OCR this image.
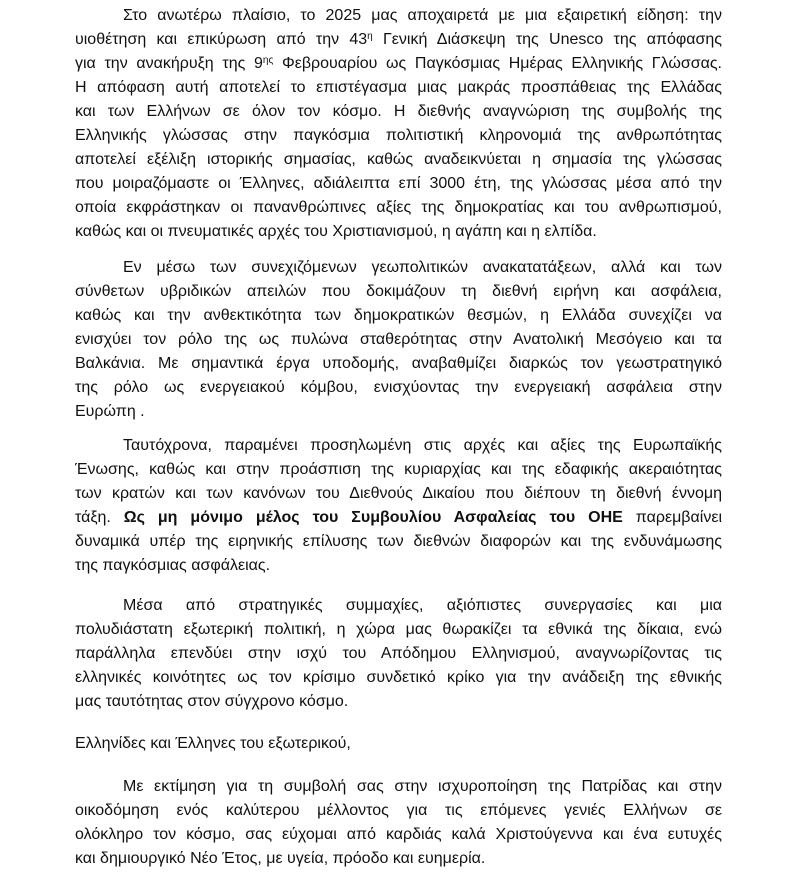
Στο ανωτέρω πλαίσιο, το 2025 μας αποχαιρετά με μια εξαιρετική είδηση: την
υιοθέτηση και επικύρωση από την $43^\eta$ Γενική Διάσκεψη της Unesco της απόφασης
για την ανακήρυξη της $9^{\eta\varsigma}$ Φεβρουαρίου ως Παγκόσμιας Ημέρας Ελληνικής Γλώσσας.
Η απόφαση αυτή αποτελεί το επιστέγασμα μιας μακράς προσπάθειας της Ελλάδας
και των Ελλήνων σε όλον τον κόσμο. Η διεθνής αναγνώριση της συμβολής της
Ελληνικής γλώσσας στην παγκόσμια πολιτιστική κληρονομιά της ανθρωπότητας
αποτελεί εξέλιξη ιστορικής σημασίας, καθώς αναδεικνύεται η σημασία της γλώσσας
που μοιραζόμαστε οι Έλληνες, αδιάλειπτα επί 3000 έτη, της γλώσσας μέσα από την
οποία εκφράστηκαν οι πανανθρώπινες αξίες της δημοκρατίας και του ανθρωπισμού,
καθώς και οι πνευματικές αρχές του Χριστιανισμού, η αγάπη και η ελπίδα.
Εν μέσω των συνεχιζόμενων γεωπολιτικών ανακατατάξεων, αλλά και των
σύνθετων υβριδικών απειλών που δοκιμάζουν τη διεθνή ειρήνη και ασφάλεια,
καθώς και την ανθεκτικότητα των δημοκρατικών θεσμών, η Ελλάδα συνεχίζει να
ενισχύει τον ρόλο της ως πυλώνα σταθερότητας στην Ανατολική Μεσόγειο και τα
Βαλκάνια. Με σημαντικά έργα υποδομής, αναβαθμίζει διαρκώς τον γεωστρατηγικό
της ρόλο ως ενεργειακού κόμβου, ενισχύοντας την ενεργειακή ασφάλεια στην
Ευρώπη .
Ταυτόχρονα, παραμένει προσηλωμένη στις αρχές και αξίες της Ευρωπαϊκής
Ένωσης, καθώς και στην προάσπιση της κυριαρχίας και της εδαφικής ακεραιότητας
των κρατών και των κανόνων του Διεθνούς Δικαίου που διέπουν τη διεθνή έννομη
τάξη. Ως μη μόνιμο μέλος του Συμβουλίου Ασφαλείας του ΟΗΕ παρεμβαίνει
δυναμικά υπέρ της ειρηνικής επίλυσης των διεθνών διαφορών και της ενδυνάμωσης
της παγκόσμιας ασφάλειας.
Μέσα από στρατηγικές συμμαχίες, αξιόπιστες συνεργασίες και μια
πολυδιάστατη εξωτερική πολιτική, η χώρα μας θωρακίζει τα εθνικά της δίκαια, ενώ
παράλληλα επενδύει στην ισχύ του Απόδημου Ελληνισμού, αναγνωρίζοντας τις
ελληνικές κοινότητες ως τον κρίσιμο συνδετικό κρίκο για την ανάδειξη της εθνικής
μας ταυτότητας στον σύγχρονο κόσμο.
Ελληνίδες και Έλληνες του εξωτερικού,
Με εκτίμηση για τη συμβολή σας στην ισχυροποίηση της Πατρίδας και στην
οικοδόμηση ενός καλύτερου μέλλοντος για τις επόμενες γενιές Ελλήνων σε
ολόκληρο τον κόσμο, σας εύχομαι από καρδιάς καλά Χριστούγεννα και ένα ευτυχές
και δημιουργικό Νέο Έτος, με υγεία, πρόοδο και ευημερία.
